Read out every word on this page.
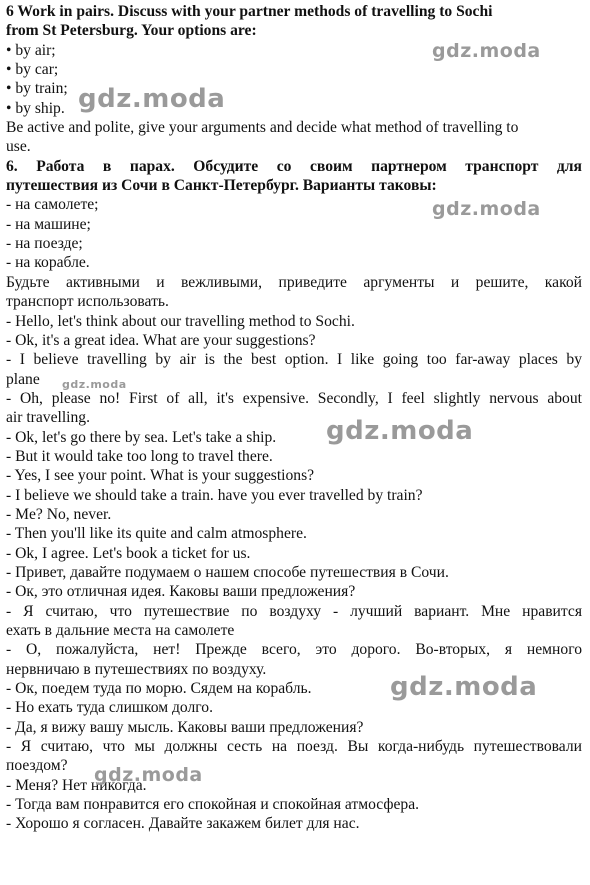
6 Work in pairs. Discuss with your partner methods of travelling to Sochi
from St Petersburg. Your options are:
• by air;
• by car;
• by train;
• by ship.
Be active and polite, give your arguments and decide what method of travelling to
use.
6. Работа в парах. Обсудите со своим партнером транспорт для
путешествия из Сочи в Санкт-Петербург. Варианты таковы:
- на самолете;
- на машине;
- на поезде;
- на корабле.
Будьте активными и вежливыми, приведите аргументы и решите, какой
транспорт использовать.
- Hello, let's think about our travelling method to Sochi.
- Ok, it's a great idea. What are your suggestions?
- I believe travelling by air is the best option. I like going too far-away places by
plane
- Oh, please no! First of all, it's expensive. Secondly, I feel slightly nervous about
air travelling.
- Ok, let's go there by sea. Let's take a ship.
- But it would take too long to travel there.
- Yes, I see your point. What is your suggestions?
- I believe we should take a train. have you ever travelled by train?
- Me? No, never.
- Then you'll like its quite and calm atmosphere.
- Ok, I agree. Let's book a ticket for us.
- Привет, давайте подумаем о нашем способе путешествия в Сочи.
- Ок, это отличная идея. Каковы ваши предложения?
- Я считаю, что путешествие по воздуху - лучший вариант. Мне нравится
ехать в дальние места на самолете
- О, пожалуйста, нет! Прежде всего, это дорого. Во-вторых, я немного
нервничаю в путешествиях по воздуху.
- Ок, поедем туда по морю. Сядем на корабль.
- Но ехать туда слишком долго.
- Да, я вижу вашу мысль. Каковы ваши предложения?
- Я считаю, что мы должны сесть на поезд. Вы когда-нибудь путешествовали
поездом?
- Меня? Нет никогда.
- Тогда вам понравится его спокойная и спокойная атмосфера.
- Хорошо я согласен. Давайте закажем билет для нас.
gdz.moda
gdz.moda
gdz.moda
gdz.moda
gdz.moda
gdz.moda
gdz.moda
